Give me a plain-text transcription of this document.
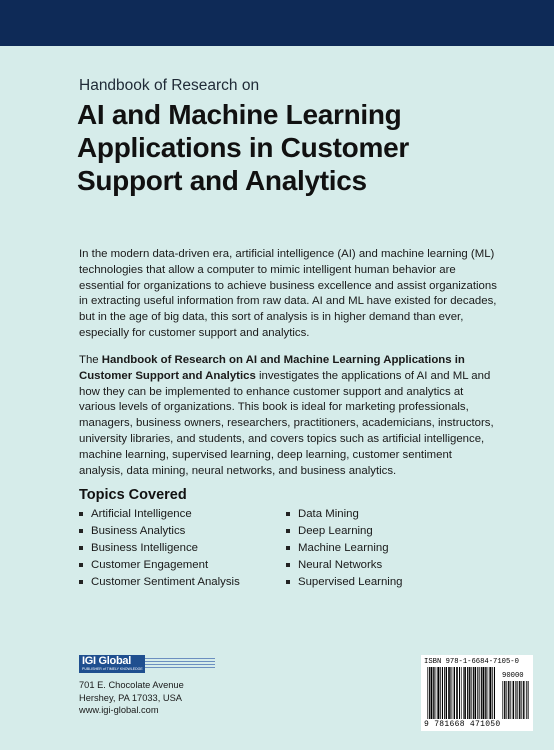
Handbook of Research on
AI and Machine Learning Applications in Customer Support and Analytics
In the modern data-driven era, artificial intelligence (AI) and machine learning (ML) technologies that allow a computer to mimic intelligent human behavior are essential for organizations to achieve business excellence and assist organizations in extracting useful information from raw data. AI and ML have existed for decades, but in the age of big data, this sort of analysis is in higher demand than ever, especially for customer support and analytics.
The Handbook of Research on AI and Machine Learning Applications in Customer Support and Analytics investigates the applications of AI and ML and how they can be implemented to enhance customer support and analytics at various levels of organizations. This book is ideal for marketing professionals, managers, business owners, researchers, practitioners, academicians, instructors, university libraries, and students, and covers topics such as artificial intelligence, machine learning, supervised learning, deep learning, customer sentiment analysis, data mining, neural networks, and business analytics.
Topics Covered
Artificial Intelligence
Business Analytics
Business Intelligence
Customer Engagement
Customer Sentiment Analysis
Data Mining
Deep Learning
Machine Learning
Neural Networks
Supervised Learning
IGI Global
PUBLISHER of TIMELY KNOWLEDGE
701 E. Chocolate Avenue
Hershey, PA 17033, USA
www.igi-global.com
ISBN 978-1-6684-7105-0
90000
9 781668 471050
